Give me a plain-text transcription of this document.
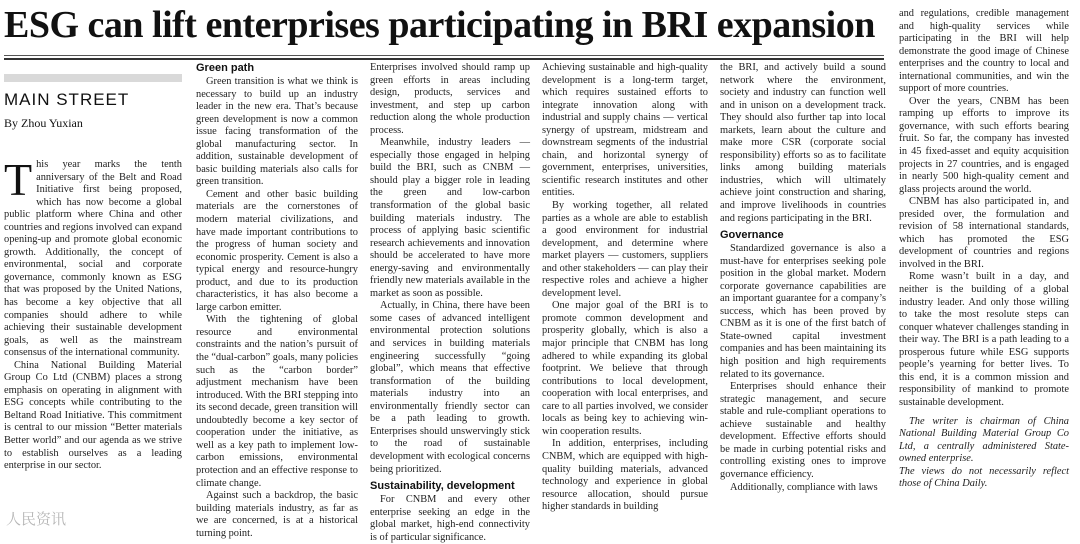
ESG can lift enterprises participating in BRI expansion
MAIN STREET
By Zhou Yuxian

This year marks the tenth anniversary of the Belt and Road Initiative first being proposed, which has now become a global public platform where China and other countries and regions involved can expand opening-up and promote global economic growth. Additionally, the concept of environmental, social and corporate governance, commonly known as ESG that was proposed by the United Nations, has become a key objective that all companies should adhere to while achieving their sustainable development goals, as well as the mainstream consensus of the international community.

China National Building Material Group Co Ltd (CNBM) places a strong emphasis on operating in alignment with ESG concepts while contributing to the Beltand Road Initiative. This commitment is central to our mission “Better materials Better world” and our agenda as we strive to establish ourselves as a leading enterprise in our sector.

Green path

Green transition is what we think is necessary to build up an industry leader in the new era. That’s because green development is now a common issue facing transformation of the global manufacturing sector. In addition, sustainable development of basic building materials also calls for green transition.

Cement and other basic building materials are the cornerstones of modern material civilizations, and have made important contributions to the progress of human society and economic prosperity. Cement is also a typical energy and resource-hungry product, and due to its production characteristics, it has also become a large carbon emitter.

With the tightening of global resource and environmental constraints and the nation’s pursuit of the “dual-carbon” goals, many policies such as the “carbon border” adjustment mechanism have been introduced. With the BRI stepping into its second decade, green transition will undoubtedly become a key sector of cooperation under the initiative, as well as a key path to implement low-carbon emissions, environmental protection and an effective response to climate change.

Against such a backdrop, the basic building materials industry, as far as we are concerned, is at a historical turning point.

Enterprises involved should ramp up green efforts in areas including design, products, services and investment, and step up carbon reduction along the whole production process.

Meanwhile, industry leaders — especially those engaged in helping build the BRI, such as CNBM — should play a bigger role in leading the green and low-carbon transformation of the global basic building materials industry. The process of applying basic scientific research achievements and innovation should be accelerated to have more energy-saving and environmentally friendly new materials available in the market as soon as possible.

Actually, in China, there have been some cases of advanced intelligent environmental protection solutions and services in building materials engineering successfully “going global”, which means that effective transformation of the building materials industry into an environmentally friendly sector can be a path leading to growth. Enterprises should unswervingly stick to the road of sustainable development with ecological concerns being prioritized.

Sustainability, development

For CNBM and every other enterprise seeking an edge in the global market, high-end connectivity is of particular significance.

Achieving sustainable and high-quality development is a long-term target, which requires sustained efforts to integrate innovation along with industrial and supply chains — vertical synergy of upstream, midstream and downstream segments of the industrial chain, and horizontal synergy of government, enterprises, universities, scientific research institutes and other entities.

By working together, all related parties as a whole are able to establish a good environment for industrial development, and determine where market players — customers, suppliers and other stakeholders — can play their respective roles and achieve a higher development level.

One major goal of the BRI is to promote common development and prosperity globally, which is also a major principle that CNBM has long adhered to while expanding its global footprint. We believe that through contributions to local development, cooperation with local enterprises, and care to all parties involved, we consider locals as being key to achieving win-win cooperation results.

In addition, enterprises, including CNBM, which are equipped with high-quality building materials, advanced technology and experience in global resource allocation, should pursue higher standards in building

the BRI, and actively build a sound network where the environment, society and industry can function well and in unison on a development track. They should also further tap into local markets, learn about the culture and make more CSR (corporate social responsibility) efforts so as to facilitate links among building materials industries, which will ultimately achieve joint construction and sharing, and improve livelihoods in countries and regions participating in the BRI.

Governance

Standardized governance is also a must-have for enterprises seeking pole position in the global market. Modern corporate governance capabilities are an important guarantee for a company’s success, which has been proved by CNBM as it is one of the first batch of State-owned capital investment companies and has been maintaining its high position and high requirements related to its governance.

Enterprises should enhance their strategic management, and secure stable and rule-compliant operations to achieve sustainable and healthy development. Effective efforts should be made in curbing potential risks and controlling existing ones to improve governance efficiency.

Additionally, compliance with laws

and regulations, credible management and high-quality services while participating in the BRI will help demonstrate the good image of Chinese enterprises and the country to local and international communities, and win the support of more countries.

Over the years, CNBM has been ramping up efforts to improve its governance, with such efforts bearing fruit. So far, the company has invested in 45 fixed-asset and equity acquisition projects in 27 countries, and is engaged in nearly 500 high-quality cement and glass projects around the world.

CNBM has also participated in, and presided over, the formulation and revision of 58 international standards, which has promoted the ESG development of countries and regions involved in the BRI.

Rome wasn’t built in a day, and neither is the building of a global industry leader. And only those willing to take the most resolute steps can conquer whatever challenges standing in their way. The BRI is a path leading to a prosperous future while ESG supports people’s yearning for better lives. To this end, it is a common mission and responsibility of mankind to promote sustainable development.

The writer is chairman of China National Building Material Group Co Ltd, a centrally administered State-owned enterprise.

The views do not necessarily reflect those of China Daily.

人民资讯
